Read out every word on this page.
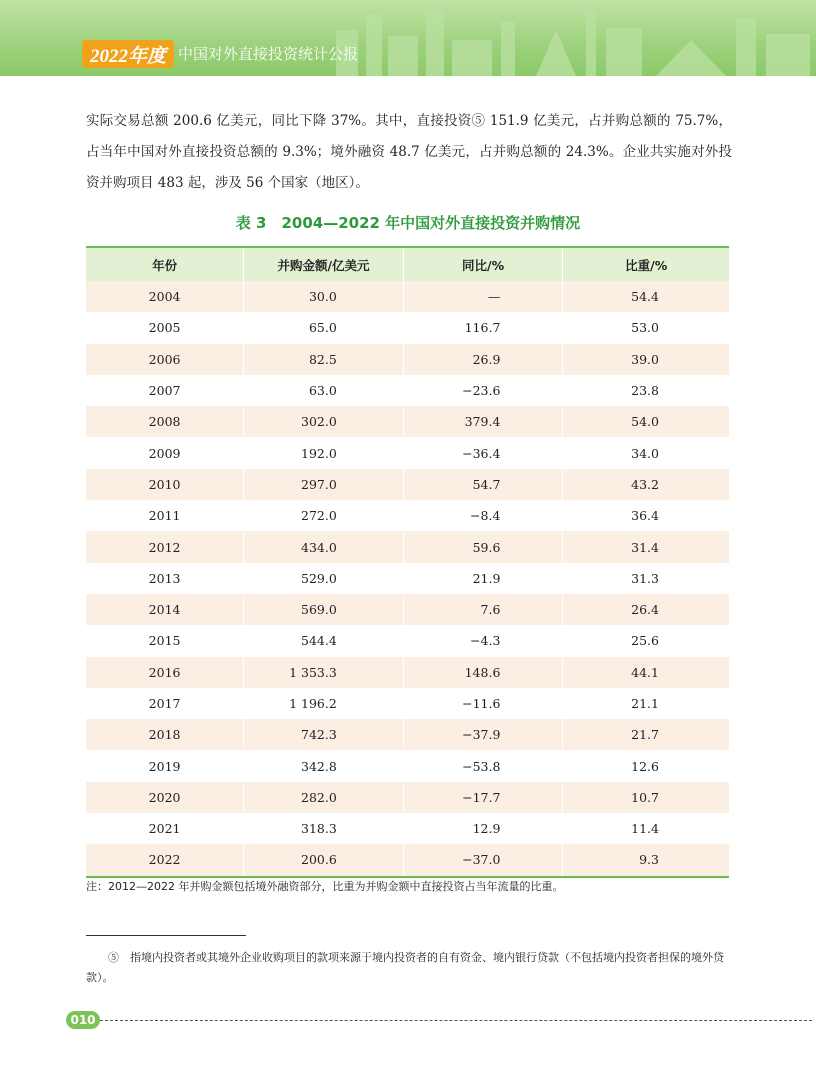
2022年度 中国对外直接投资统计公报
实际交易总额 200.6 亿美元，同比下降 37%。其中，直接投资⑤ 151.9 亿美元，占并购总额的 75.7%，占当年中国对外直接投资总额的 9.3%；境外融资 48.7 亿美元，占并购总额的 24.3%。企业共实施对外投资并购项目 483 起，涉及 56 个国家（地区）。
表 3　2004—2022 年中国对外直接投资并购情况
年份	并购金额/亿美元	同比/%	比重/%
2004	30.0	—	54.4
2005	65.0	116.7	53.0
2006	82.5	26.9	39.0
2007	63.0	−23.6	23.8
2008	302.0	379.4	54.0
2009	192.0	−36.4	34.0
2010	297.0	54.7	43.2
2011	272.0	−8.4	36.4
2012	434.0	59.6	31.4
2013	529.0	21.9	31.3
2014	569.0	7.6	26.4
2015	544.4	−4.3	25.6
2016	1 353.3	148.6	44.1
2017	1 196.2	−11.6	21.1
2018	742.3	−37.9	21.7
2019	342.8	−53.8	12.6
2020	282.0	−17.7	10.7
2021	318.3	12.9	11.4
2022	200.6	−37.0	9.3
注：2012—2022 年并购金额包括境外融资部分，比重为并购金额中直接投资占当年流量的比重。
⑤　指境内投资者或其境外企业收购项目的款项来源于境内投资者的自有资金、境内银行贷款（不包括境内投资者担保的境外贷款）。
010
